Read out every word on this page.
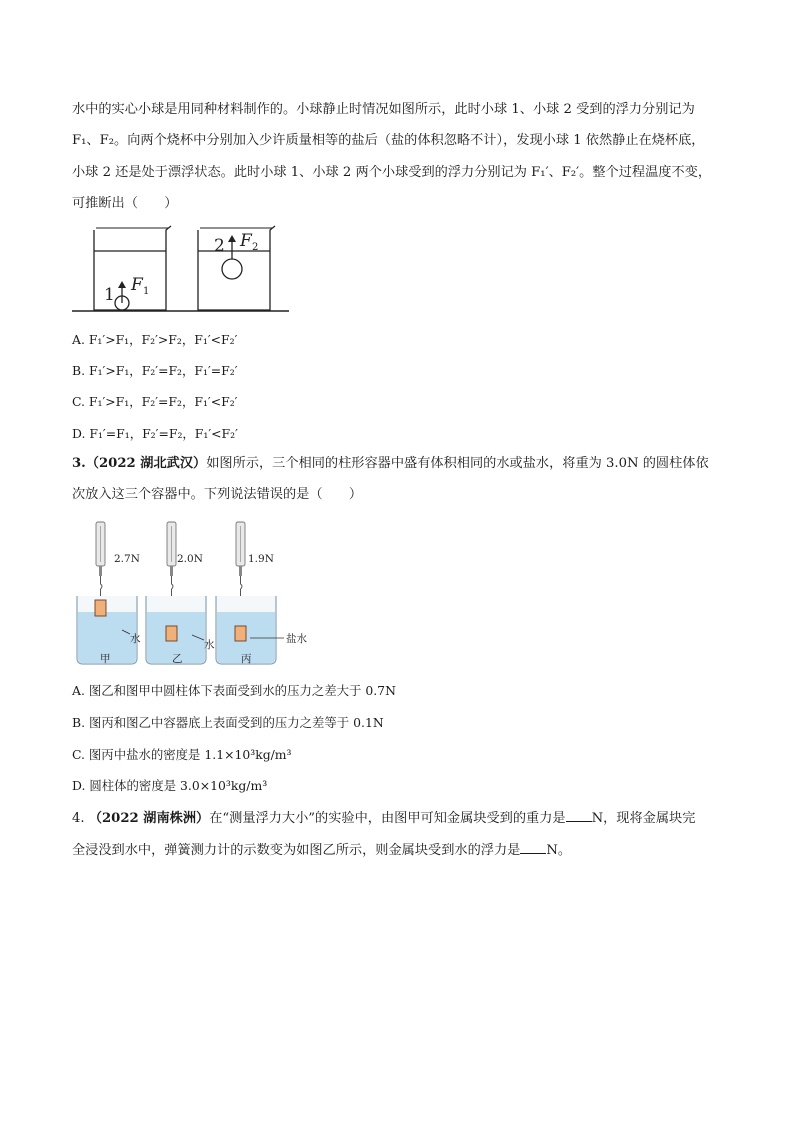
水中的实心小球是用同种材料制作的。小球静止时情况如图所示，此时小球 1、小球 2 受到的浮力分别记为
F₁、F₂。向两个烧杯中分别加入少许质量相等的盐后（盐的体积忽略不计），发现小球 1 依然静止在烧杯底，
小球 2 还是处于漂浮状态。此时小球 1、小球 2 两个小球受到的浮力分别记为 F₁′、F₂′。整个过程温度不变，
可推断出（　　）
1 F 1
2 F 2
A. F₁′>F₁，F₂′>F₂，F₁′<F₂′
B. F₁′>F₁，F₂′=F₂，F₁′=F₂′
C. F₁′>F₁，F₂′=F₂，F₁′<F₂′
D. F₁′=F₁，F₂′=F₂，F₁′<F₂′
3.（2022 湖北武汉）如图所示，三个相同的柱形容器中盛有体积相同的水或盐水，将重为 3.0N 的圆柱体依
次放入这三个容器中。下列说法错误的是（　　）
2.7N
水
甲
2.0N
水
乙
1.9N
盐水
丙
A. 图乙和图甲中圆柱体下表面受到水的压力之差大于 0.7N
B. 图丙和图乙中容器底上表面受到的压力之差等于 0.1N
C. 图丙中盐水的密度是 1.1×10³kg/m³
D. 圆柱体的密度是 3.0×10³kg/m³
4. （2022 湖南株洲）在“测量浮力大小”的实验中，由图甲可知金属块受到的重力是 N，现将金属块完
全浸没到水中，弹簧测力计的示数变为如图乙所示，则金属块受到水的浮力是 N。
